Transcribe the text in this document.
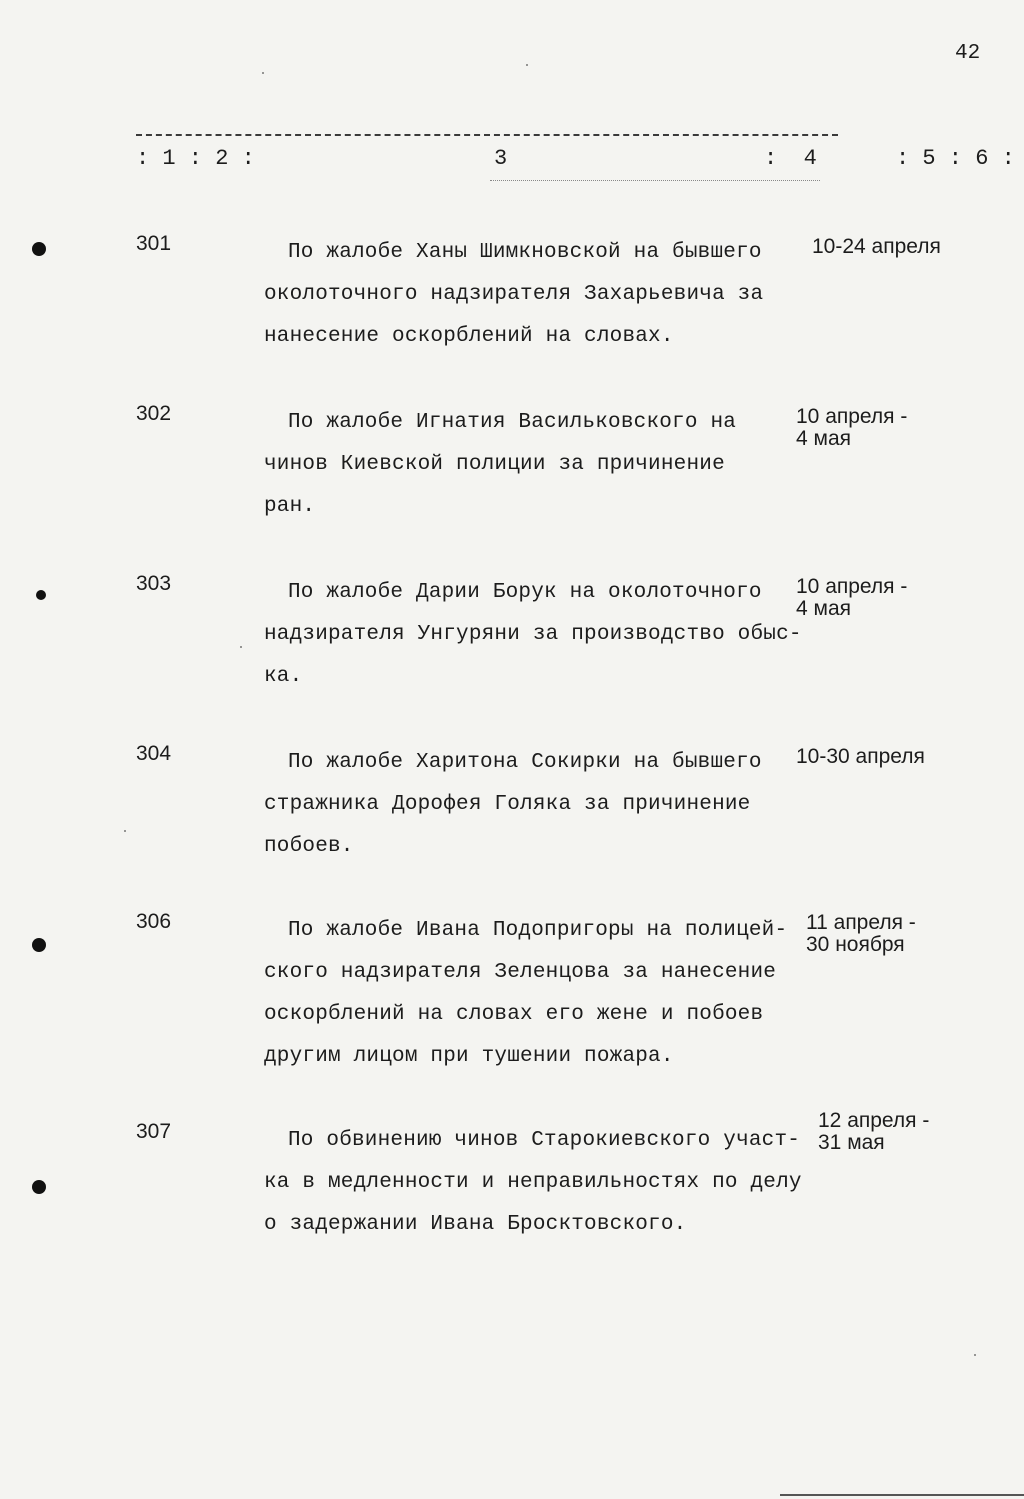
42
: 1 : 2 :	3	:  4	: 5 : 6 :
301	По жалобе Ханы Шимкновской на бывшего
околоточного надзирателя Захарьевича за
нанесение оскорблений на словах.
10-24 апреля
302	По жалобе Игнатия Васильковского на
чинов Киевской полиции за причинение
ран.
10 апреля -
4 мая
303	По жалобе Дарии Борук на околоточного
надзирателя Унгуряни за производство обыс-
ка.
10 апреля -
4 мая
304	По жалобе Харитона Сокирки на бывшего
стражника Дорофея Голяка за причинение
побоев.
10-30 апреля
306	По жалобе Ивана Подопригоры на полицей-
ского надзирателя Зеленцова за нанесение
оскорблений на словах его жене и побоев
другим лицом при тушении пожара.
11 апреля -
30 ноября
307	По обвинению чинов Старокиевского участ-
ка в медленности и неправильностях по делу
о задержании Ивана Бросктовского.
12 апреля -
31 мая
